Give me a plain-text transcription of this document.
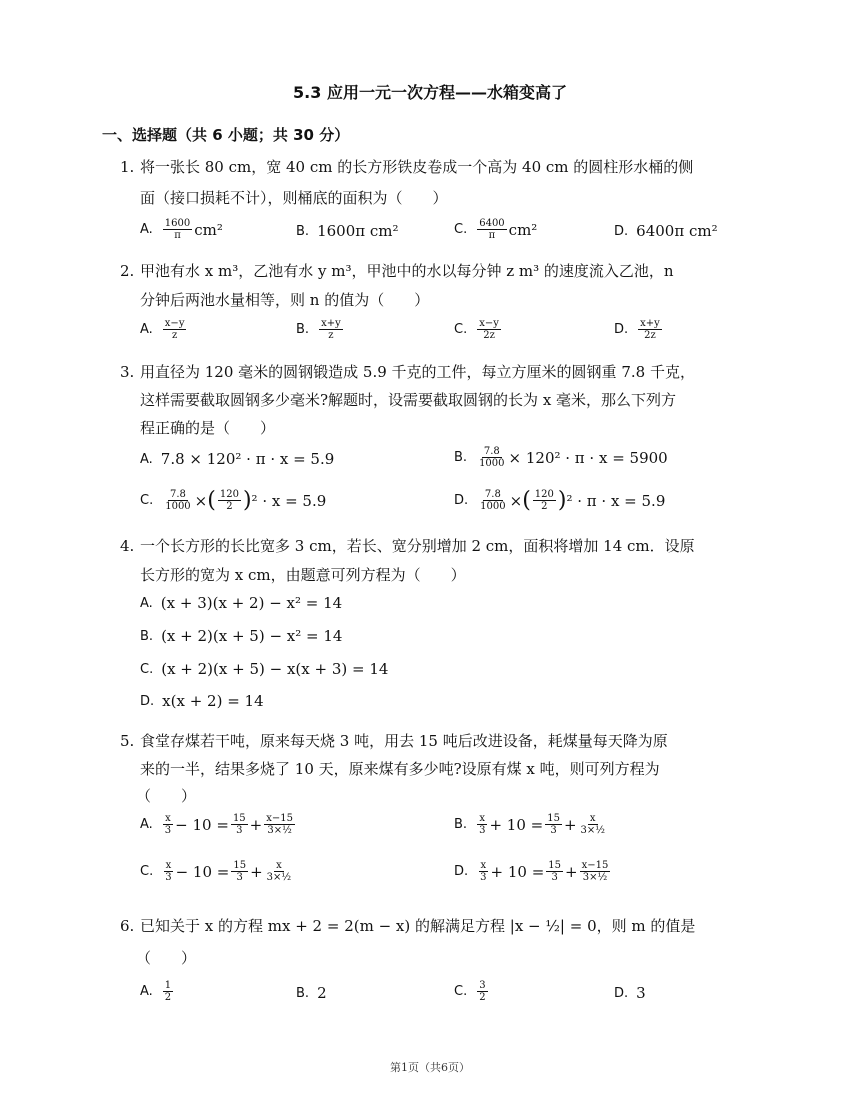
5.3 应用一元一次方程——水箱变高了
一、选择题（共 6 小题；共 30 分）
1. 将一张长 80 cm，宽 40 cm 的长方形铁皮卷成一个高为 40 cm 的圆柱形水桶的侧
面（接口损耗不计），则桶底的面积为（　　）
A. $\frac{1600}{\pi} cm^2$	B. 1600π cm²	C. $\frac{6400}{\pi} cm^2$	D. 6400π cm²
2. 甲池有水 x m³，乙池有水 y m³，甲池中的水以每分钟 z m³ 的速度流入乙池，n
分钟后两池水量相等，则 n 的值为（　　）
A. $\frac{x-y}{z}$	B. $\frac{x+y}{z}$	C. $\frac{x-y}{2z}$	D. $\frac{x+y}{2z}$
3. 用直径为 120 毫米的圆钢锻造成 5.9 千克的工件，每立方厘米的圆钢重 7.8 千克，
这样需要截取圆钢多少毫米?解题时，设需要截取圆钢的长为 x 毫米，那么下列方
程正确的是（　　）
A. 7.8 × 120² · π · x = 5.9	B. $\frac{7.8}{1000} \times 120^2 \cdot \pi \cdot x = 5900$
C. $\frac{7.8}{1000}$ × ( $\frac{120}{2}$ ) ² · x = 5.9	D. $\frac{7.8}{1000}$ × ( $\frac{120}{2}$ ) ² · π · x = 5.9
4. 一个长方形的长比宽多 3 cm，若长、宽分别增加 2 cm，面积将增加 14 cm．设原
长方形的宽为 x cm，由题意可列方程为（　　）
A. (x + 3)(x + 2) − x² = 14
B. (x + 2)(x + 5) − x² = 14
C. (x + 2)(x + 5) − x(x + 3) = 14
D. x(x + 2) = 14
5. 食堂存煤若干吨，原来每天烧 3 吨，用去 15 吨后改进设备，耗煤量每天降为原
来的一半，结果多烧了 10 天，原来煤有多少吨?设原有煤 x 吨，则可列方程为
（　　）
A. $\frac{x}{3} - 10 = \frac{15}{3} + \frac{x-15}{\text{3×½}}$	B. $\frac{x}{3} + 10 = \frac{15}{3} + \frac{x}{\text{3×½}}$
C. $\frac{x}{3} - 10 = \frac{15}{3} + \frac{x}{\text{3×½}}$	D. $\frac{x}{3} + 10 = \frac{15}{3} + \frac{x-15}{\text{3×½}}$
6. 已知关于 x 的方程 mx + 2 = 2(m − x) 的解满足方程 |x − ½| = 0，则 m 的值是
（　　）
A. $\frac{1}{2}$	B. 2	C. $\frac{3}{2}$	D. 3
第1页（共6页）
